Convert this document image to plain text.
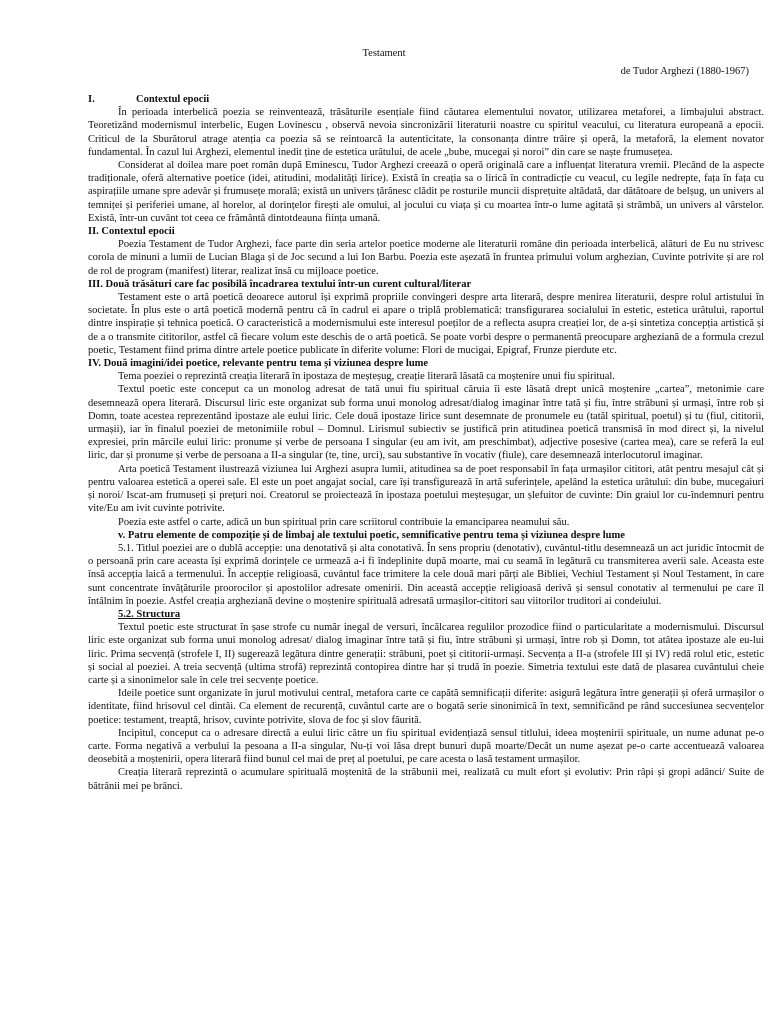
Testament
de Tudor Arghezi (1880-1967)
I.	Contextul epocii

În perioada interbelică poezia se reinventează, trăsăturile esențiale fiind căutarea elementului novator, utilizarea metaforei, a limbajului abstract. Teoretizând modernismul interbelic, Eugen Lovinescu , observă nevoia sincronizării literaturii noastre cu spiritul veacului, cu literatura europeană a epocii. Criticul de la Sburătorul atrage atenția ca poezia să se reintoarcă la autenticitate, la consonanța dintre trăire și operă, la metaforă, la element novator fundamental. În cazul lui Arghezi, elementul inedit ține de estetica urâtului, de acele „bube, mucegai și noroi” din care se naște frumusețea.

Considerat al doilea mare poet român după Eminescu, Tudor Arghezi creează o operă originală care a influențat literatura vremii. Plecând de la aspecte tradiționale, oferă alternative poetice (idei, atitudini, modalități lirice). Există în creația sa o lirică în contradicție cu veacul, cu legile nedrepte, fața în fața cu aspirațiile umane spre adevăr și frumusețe morală; există un univers țărănesc clădit pe rosturile muncii disprețuite altădată, dar dătătoare de belșug, un univers al temniței și periferiei umane, al horelor, al dorințelor firești ale omului, al jocului cu viața și cu moartea într-o lume agitată și strâmbă, un univers al vârstelor. Există, într-un cuvânt tot ceea ce frământă dintotdeauna ființa umană.

II. Contextul epocii

Poezia Testament de Tudor Arghezi, face parte din seria artelor poetice moderne ale literaturii române din perioada interbelică, alături de Eu nu strivesc corola de minuni a lumii de Lucian Blaga și de Joc secund a lui Ion Barbu. Poezia este așezată în fruntea primului volum arghezian, Cuvinte potrivite și are rol de rol de program (manifest) literar, realizat însă cu mijloace poetice.

III. Două trăsături care fac posibilă încadrarea textului într-un curent cultural/literar

Testament este o artă poetică deoarece autorul își exprimă propriile convingeri despre arta literară, despre menirea literaturii, despre rolul artistului în societate. În plus este o artă poetică modernă pentru că în cadrul ei apare o triplă problematică: transfigurarea socialului în estetic, estetica urâtului, raportul dintre inspirație și tehnica poetică. O caracteristică a modernismului este interesul poeților de a reflecta asupra creației lor, de a-și sintetiza concepția artistică și de a o transmite cititorilor, astfel că fiecare volum este deschis de o artă poetică. Se poate vorbi despre o permanentă preocupare argheziană de a formula crezul poetic, Testament fiind prima dintre artele poetice publicate în diferite volume: Flori de mucigai, Epigraf, Frunze pierdute etc.

IV. Două imagini/idei poetice, relevante pentru tema și viziunea despre lume

Tema poeziei o reprezintă creația literară în ipostaza de meșteșug, creație literară lăsată ca moștenire unui fiu spiritual.

Textul poetic este conceput ca un monolog adresat de tată unui fiu spiritual căruia îi este lăsată drept unică moștenire „cartea”, metonimie care desemnează opera literară. Discursul liric este organizat sub forma unui monolog adresat/dialog imaginar între tată și fiu, între străbuni și urmași, între rob și Domn, toate acestea reprezentând ipostaze ale eului liric. Cele două ipostaze lirice sunt desemnate de pronumele eu (tatăl spiritual, poetul) și tu (fiul, cititorii, urmașii), iar în finalul poeziei de metonimiile robul – Domnul. Lirismul subiectiv se justifică prin atitudinea poetică transmisă în mod direct și, la nivelul expresiei, prin mărcile eului liric: pronume și verbe de persoana I singular (eu am ivit, am preschimbat), adjective posesive (cartea mea), care se referă la eul liric, dar și pronume și verbe de persoana a II-a singular (te, tine, urci), sau substantive în vocativ (fiule), care desemnează interlocutorul imaginar.

Arta poetică Testament ilustrează viziunea lui Arghezi asupra lumii, atitudinea sa de poet responsabil în fața urmașilor cititori, atât pentru mesajul cât și pentru valoarea estetică a operei sale. El este un poet angajat social, care își transfigurează în artă suferințele, apelând la estetica urâtului: din bube, mucegaiuri și noroi/ Iscat-am frumuseți și prețuri noi. Creatorul se proiectează în ipostaza poetului meșteșugar, un șlefuitor de cuvinte: Din graiul lor cu-îndemnuri pentru vite/Eu am ivit cuvinte potrivite.

Poezia este astfel o carte, adică un bun spiritual prin care scriitorul contribuie la emanciparea neamului său.

v. Patru elemente de compoziție și de limbaj ale textului poetic, semnificative pentru tema și viziunea despre lume

5.1. Titlul poeziei are o dublă accepție: una denotativă și alta conotativă. În sens propriu (denotativ), cuvântul-titlu desemnează un act juridic întocmit de o persoană prin care aceasta își exprimă dorințele ce urmează a-i fi îndeplinite după moarte, mai cu seamă în legătură cu transmiterea averii sale. Aceasta este însă accepția laică a termenului. În accepție religioasă, cuvântul face trimitere la cele două mari părți ale Bibliei, Vechiul Testament și Noul Testament, în care sunt concentrate învățăturile proorocilor și apostolilor adresate omenirii. Din această accepție religioasă derivă și sensul conotativ al termenului pe care îl întâlnim în poezie. Astfel creația argheziană devine o moștenire spirituală adresată urmașilor-cititori sau viitorilor truditori ai condeiului.

5.2. Structura

Textul poetic este structurat în șase strofe cu număr inegal de versuri, încălcarea regulilor prozodice fiind o particularitate a modernismului. Discursul liric este organizat sub forma unui monolog adresat/ dialog imaginar între tată și fiu, între străbuni și urmași, între rob și Domn, tot atâtea ipostaze ale eu-lui liric. Prima secvență (strofele I, II) sugerează legătura dintre generații: străbuni, poet și cititorii-urmași. Secvența a II-a (strofele III și IV) redă rolul etic, estetic și social al poeziei. A treia secvență (ultima strofă) reprezintă contopirea dintre har și trudă în poezie. Simetria textului este dată de plasarea cuvântului cheie carte și a sinonimelor sale în cele trei secvențe poetice.

Ideile poetice sunt organizate în jurul motivului central, metafora carte ce capătă semnificații diferite: asigură legătura între generații și oferă urmașilor o identitate, fiind hrisovul cel dintâi. Ca element de recurență, cuvântul carte are o bogată serie sinonimică în text, semnificând pe rând succesiunea secvențelor poetice: testament, treaptă, hrisov, cuvinte potrivite, slova de foc și slov făurită.

Incipitul, conceput ca o adresare directă a eului liric către un fiu spiritual evidențiază sensul titlului, ideea moștenirii spirituale, un nume adunat pe-o carte. Forma negativă a verbului la pesoana a II-a singular, Nu-ți voi lăsa drept bunuri după moarte/Decât un nume așezat pe-o carte accentuează valoarea deosebită a moștenirii, opera literară fiind bunul cel mai de preț al poetului, pe care acesta o lasă testament urmașilor.

Creația literară reprezintă o acumulare spirituală moștenită de la străbunii mei, realizată cu mult efort și evolutiv: Prin râpi și gropi adânci/ Suite de bătrânii mei pe brânci.
